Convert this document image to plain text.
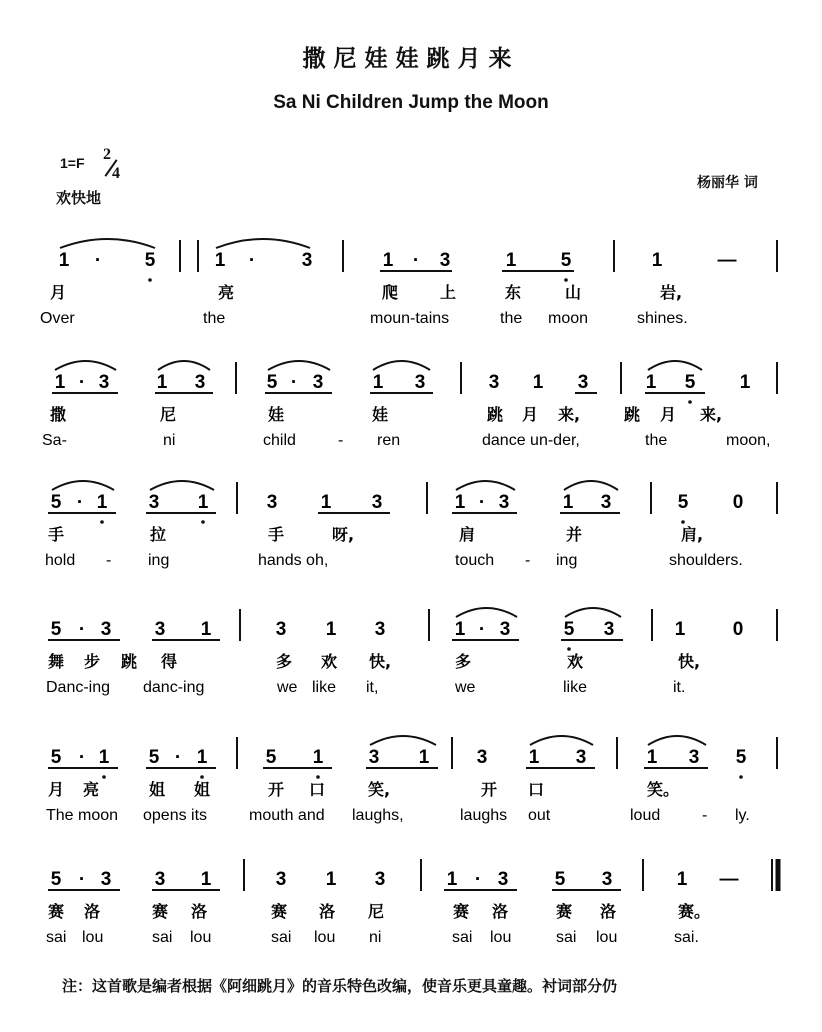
撒尼娃娃跳月来
Sa Ni Children Jump the Moon
1=F 2
4
欢快地
杨丽华 词
1 · 5	1 · 3	1 · 3	1 5	1	—
月	亮	爬	上	东	山	岩,
Over	the	moun-tains	the moon	shines.
1 · 3 1 3	5 · 3	1 3	3 1 3	1 5 1
撒	尼	娃	娃	跳 月 来,	跳 月 来,
Sa-	ni	child	- ren	dance un-der,	the	moon,
5 · 1 3 1	3 1 3	1 · 3	1 3	5 0
手	拉	手	呀,	肩	并	肩,
hold - ing	hands oh,	touch - ing	shoulders.
5 · 3 3 1	3 1 3	1 · 3	5 3	1 0
舞 步 跳 得	多 欢 快,	多	欢	快,
Danc-ing danc-ing	we like it,	we	like	it.
5 · 1 5 · 1	5 1 3 1 3 1 3	1 3 5
月 亮	姐 姐	开 口	笑,	开 口	笑。
The moon opens its	mouth and laughs,	laughs out	loud	- ly.
5 · 3 3 1	3 1 3	1 · 3 5 3	1 —
赛 洛	赛 洛	赛 洛 尼	赛 洛	赛 洛	赛。
sai lou	sai lou	sai lou ni	sai lou	sai lou	sai.
注：这首歌是编者根据《阿细跳月》的音乐特色改编，使音乐更具童趣。衬词部分仍
